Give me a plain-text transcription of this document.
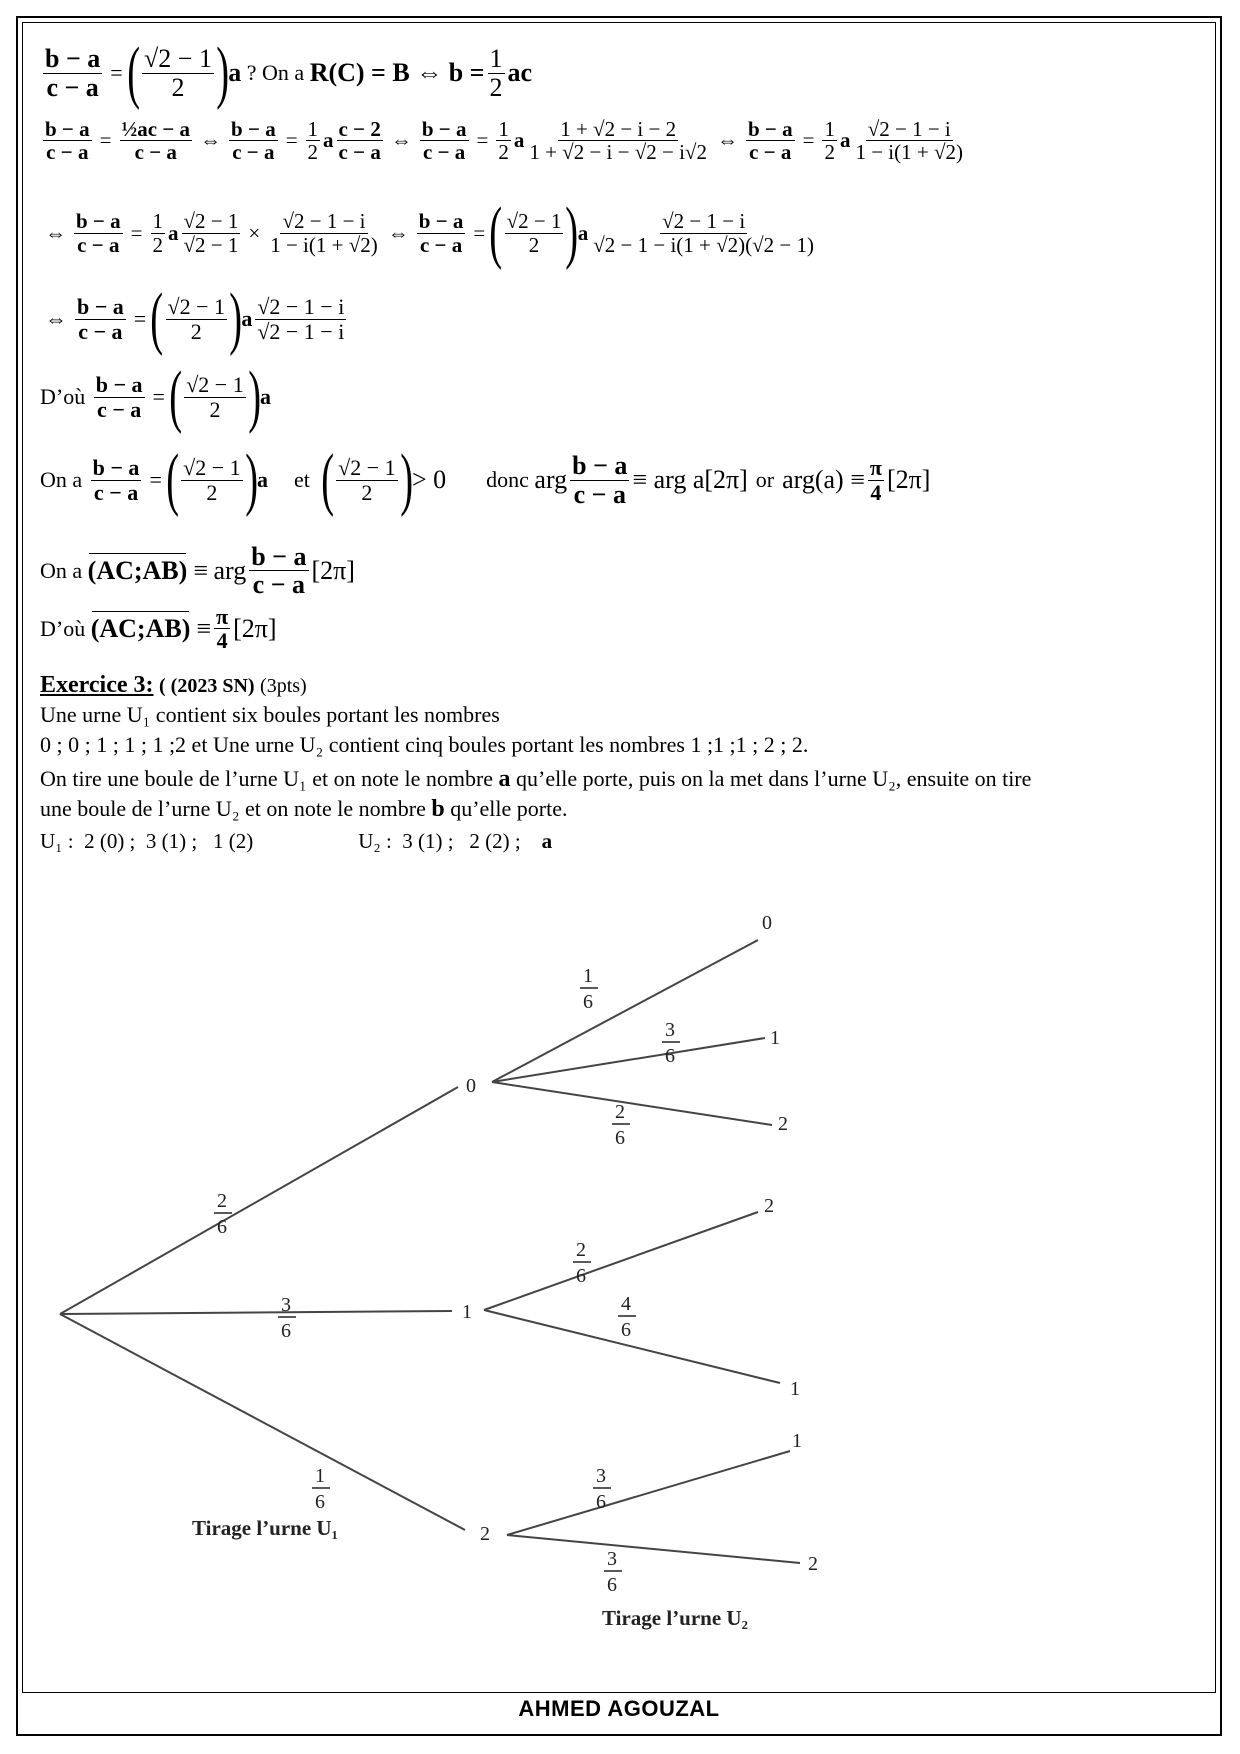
$\frac{b - a}{c - a}$ = ( $\frac{√2 - 1}{2}$ ) a ? On a R(C) = B ⇔ $b = \frac{1}{2}$ ac
$\frac{b - a}{c - a} = \frac{\text{½ac − a}}{c - a}$ ⇔ $\frac{b - a}{c - a} = \frac{1}{2}$ a $\frac{c - 2}{c - a}$ ⇔ $\frac{b - a}{c - a} = \frac{1}{2}$ a $\frac{1 + √2 - i - 2}{1 + √2 - i - √2 - i√2}$ ⇔ $\frac{b - a}{c - a} = \frac{1}{2}$ a $\frac{√2 - 1 - i}{1 - i(1 + √2)}$
⇔ $\frac{b - a}{c - a} = \frac{1}{2}$ a $\frac{√2 - 1}{√2 - 1} \times \frac{√2 - 1 - i}{1 - i(1 + √2)}$ ⇔ $\frac{b - a}{c - a}$ = ( $\frac{√2 - 1}{2}$ ) a $\frac{√2 - 1 - i}{√2 - 1 - i(1 + √2)(√2 - 1)}$
⇔ $\frac{b - a}{c - a}$ = ( $\frac{√2 - 1}{2}$ ) a $\frac{√2 - 1 - i}{√2 - 1 - i}$
D’où
$\frac{b - a}{c - a}$ = ( $\frac{√2 - 1}{2}$ ) a
On a
$\frac{b - a}{c - a}$ = ( $\frac{√2 - 1}{2}$ ) a et ( $\frac{√2 - 1}{2}$ ) > 0 donc
arg $\frac{b - a}{c - a}$ ≡ arg a[2π] or $arg(a) \equiv \frac{\pi}{4} [2\pi]$
On a
(AC;AB) ≡
arg $\frac{b - a}{c - a} [2\pi]$
D’où
(AC;AB) ≡ $\frac{\pi}{4} [2\pi]$
Exercice 3: ( (2023 SN) (3pts)
Une urne U₁ contient six boules portant les nombres
0 ; 0 ; 1 ; 1 ; 1 ;2 et Une urne U₂ contient cinq boules portant les nombres 1 ;1 ;1 ; 2 ; 2.
On tire une boule de l’urne U₁ et on note le nombre a qu’elle porte, puis on la met dans l’urne U₂, ensuite on tire
une boule de l’urne U₂ et on note le nombre b qu’elle porte.
U₁ :  2 (0) ;  3 (1) ;   1 (2)	U₂ :  3 (1) ;   2 (2) ; a
0
1
2
0
1
2
2
1
1
2
2
6
3
6
1
6
1
6
3
6
2
6
2
6
4
6
3
6
3
6
Tirage l’urne U₁
Tirage l’urne U₂
AHMED AGOUZAL
